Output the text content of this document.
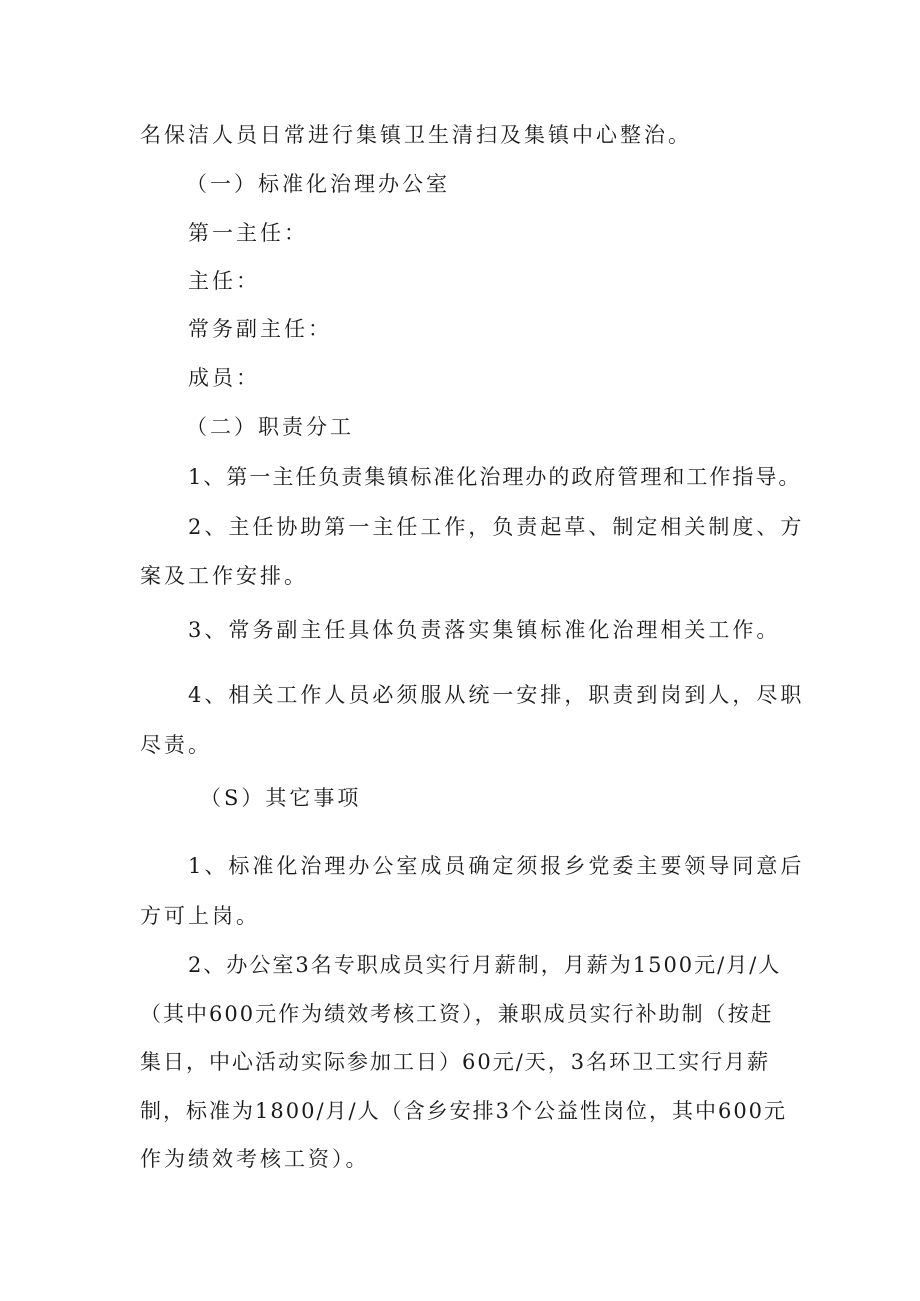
名保洁人员日常进行集镇卫生清扫及集镇中心整治。

（一）标准化治理办公室

第一主任：

主任：

常务副主任：

成员：

（二）职责分工

1、第一主任负责集镇标准化治理办的政府管理和工作指导。

2、主任协助第一主任工作，负责起草、制定相关制度、方

案及工作安排。

3、常务副主任具体负责落实集镇标准化治理相关工作。

4、相关工作人员必须服从统一安排，职责到岗到人，尽职

尽责。

（S）其它事项

1、标准化治理办公室成员确定须报乡党委主要领导同意后

方可上岗。

2、办公室3名专职成员实行月薪制，月薪为1500元/月/人

（其中600元作为绩效考核工资），兼职成员实行补助制（按赶

集日，中心活动实际参加工日）60元/天，3名环卫工实行月薪

制，标准为1800/月/人（含乡安排3个公益性岗位，其中600元

作为绩效考核工资）。
